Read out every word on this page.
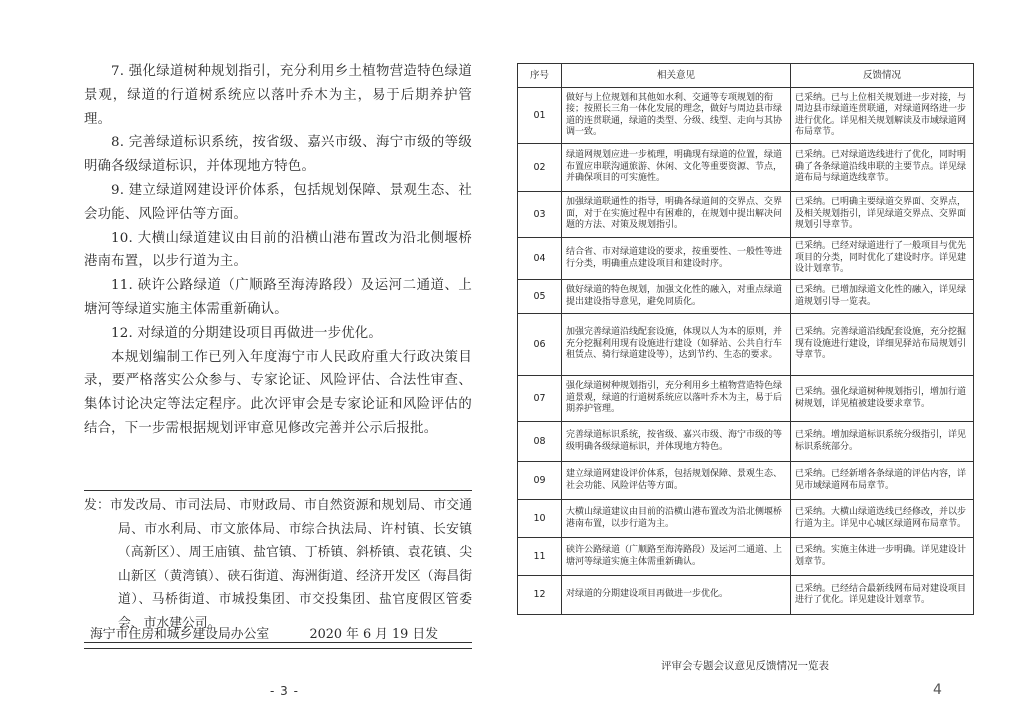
7. 强化绿道树种规划指引，充分利用乡土植物营造特色绿道景观，绿道的行道树系统应以落叶乔木为主，易于后期养护管理。

8. 完善绿道标识系统，按省级、嘉兴市级、海宁市级的等级明确各级绿道标识，并体现地方特色。

9. 建立绿道网建设评价体系，包括规划保障、景观生态、社会功能、风险评估等方面。

10. 大横山绿道建议由目前的沿横山港布置改为沿北侧堰桥港南布置，以步行道为主。

11. 硖许公路绿道（广顺路至海涛路段）及运河二通道、上塘河等绿道实施主体需重新确认。

12. 对绿道的分期建设项目再做进一步优化。

本规划编制工作已列入年度海宁市人民政府重大行政决策目录，要严格落实公众参与、专家论证、风险评估、合法性审查、集体讨论决定等法定程序。此次评审会是专家论证和风险评估的结合，下一步需根据规划评审意见修改完善并公示后报批。

发：市发改局、市司法局、市财政局、市自然资源和规划局、市交通局、市水利局、市文旅体局、市综合执法局、许村镇、长安镇（高新区）、周王庙镇、盐官镇、丁桥镇、斜桥镇、袁花镇、尖山新区（黄湾镇）、硖石街道、海洲街道、经济开发区（海昌街道）、马桥街道、市城投集团、市交投集团、盐官度假区管委会、市水建公司。

海宁市住房和城乡建设局办公室	2020 年 6 月 19 日发
- 3 -
序号	相关意见	反馈情况
01	做好与上位规划和其他如水利、交通等专项规划的衔接；按照长三角一体化发展的理念，做好与周边县市绿道的连贯联通，绿道的类型、分级、线型、走向与其协调一致。	已采纳。已与上位相关规划进一步对接，与周边县市绿道连贯联通，对绿道网络进一步进行优化。详见相关规划解读及市域绿道网布局章节。
02	绿道网规划应进一步梳理，明确现有绿道的位置，绿道布置应串联沟通旅游、休闲、文化等重要资源、节点，并确保项目的可实施性。	已采纳。已对绿道选线进行了优化，同时明确了各条绿道沿线串联的主要节点。详见绿道布局与绿道选线章节。
03	加强绿道联通性的指导，明确各绿道间的交界点、交界面，对于在实施过程中有困难的，在规划中提出解决问题的方法、对策及规划指引。	已采纳。已明确主要绿道交界面、交界点，及相关规划指引，详见绿道交界点、交界面规划引导章节。
04	结合省、市对绿道建设的要求，按重要性、一般性等进行分类，明确重点建设项目和建设时序。	已采纳。已经对绿道进行了一般项目与优先项目的分类，同时优化了建设时序。详见建设计划章节。
05	做好绿道的特色规划，加强文化性的融入，对重点绿道提出建设指导意见，避免同质化。	已采纳。已增加绿道文化性的融入，详见绿道规划引导一览表。
06	加强完善绿道沿线配套设施，体现以人为本的原则，并充分挖掘利用现有设施进行建设（如驿站、公共自行车租赁点、骑行绿道建设等），达到节约、生态的要求。	已采纳。完善绿道沿线配套设施，充分挖掘现有设施进行建设，详细见驿站布局规划引导章节。
07	强化绿道树种规划指引，充分利用乡土植物营造特色绿道景观，绿道的行道树系统应以落叶乔木为主，易于后期养护管理。	已采纳。强化绿道树种规划指引，增加行道树规划，详见植被建设要求章节。
08	完善绿道标识系统，按省级、嘉兴市级、海宁市级的等级明确各级绿道标识，并体现地方特色。	已采纳。增加绿道标识系统分级指引，详见标识系统部分。
09	建立绿道网建设评价体系，包括规划保障、景观生态、社会功能、风险评估等方面。	已采纳。已经新增各条绿道的评估内容，详见市域绿道网布局章节。
10	大横山绿道建议由目前的沿横山港布置改为沿北侧堰桥港南布置，以步行道为主。	已采纳。大横山绿道选线已经修改，并以步行道为主。详见中心城区绿道网布局章节。
11	硖许公路绿道（广顺路至海涛路段）及运河二通道、上塘河等绿道实施主体需重新确认。	已采纳。实施主体进一步明确。详见建设计划章节。
12	对绿道的分期建设项目再做进一步优化。	已采纳。已经结合最新线网布局对建设项目进行了优化。详见建设计划章节。
评审会专题会议意见反馈情况一览表
4
